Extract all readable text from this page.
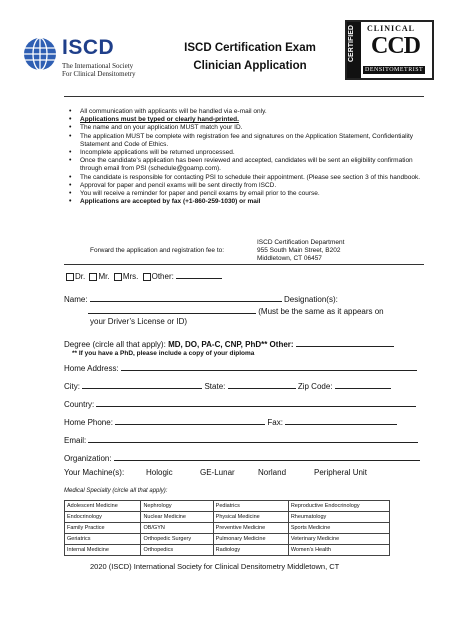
ISCD
The International Society
For Clinical Densitometry
ISCD Certification Exam
Clinician Application
CERTIFIED CLINICAL
CCD
DENSITOMETRIST
• All communication with applicants will be handled via e-mail only.
• Applications must be typed or clearly hand-printed.
• The name and on your application MUST match your ID.
• The application MUST be complete with registration fee and signatures on the Application Statement, Confidentiality Statement and Code of Ethics.
• Incomplete applications will be returned unprocessed.
• Once the candidate’s application has been reviewed and accepted, candidates will be sent an eligibility confirmation through email from PSI (schedule@goamp.com).
• The candidate is responsible for contacting PSI to schedule their appointment. (Please see section 3 of this handbook.
• Approval for paper and pencil exams will be sent directly from ISCD.
• You will receive a reminder for paper and pencil exams by email prior to the course.
• Applications are accepted by fax (+1-860-259-1030) or mail
Forward the application and registration fee to:
ISCD Certification Department
955 South Main Street, B202
Middletown, CT 06457
Dr. Mr. Mrs. Other:
Name:	Designation(s):
(Must be the same as it appears on
your Driver’s License or ID)
Degree (circle all that apply): MD, DO, PA-C, CNP, PhD** Other:
** If you have a PhD, please include a copy of your diploma
Home Address:
City:	State:	Zip Code:
Country:
Home Phone:	Fax:
Email:
Organization:
Your Machine(s):	Hologic	GE-Lunar	Norland	Peripheral Unit
Medical Specialty (circle all that apply):
Adolescent Medicine	Nephrology	Pediatrics	Reproductive Endocrinology
Endocrinology	Nuclear Medicine	Physical Medicine	Rheumatology
Family Practice	OB/GYN	Preventive Medicine	Sports Medicine
Geriatrics	Orthopedic Surgery	Pulmonary Medicine	Veterinary Medicine
Internal Medicine	Orthopedics	Radiology	Women’s Health
2020 (ISCD) International Society for Clinical Densitometry Middletown, CT
